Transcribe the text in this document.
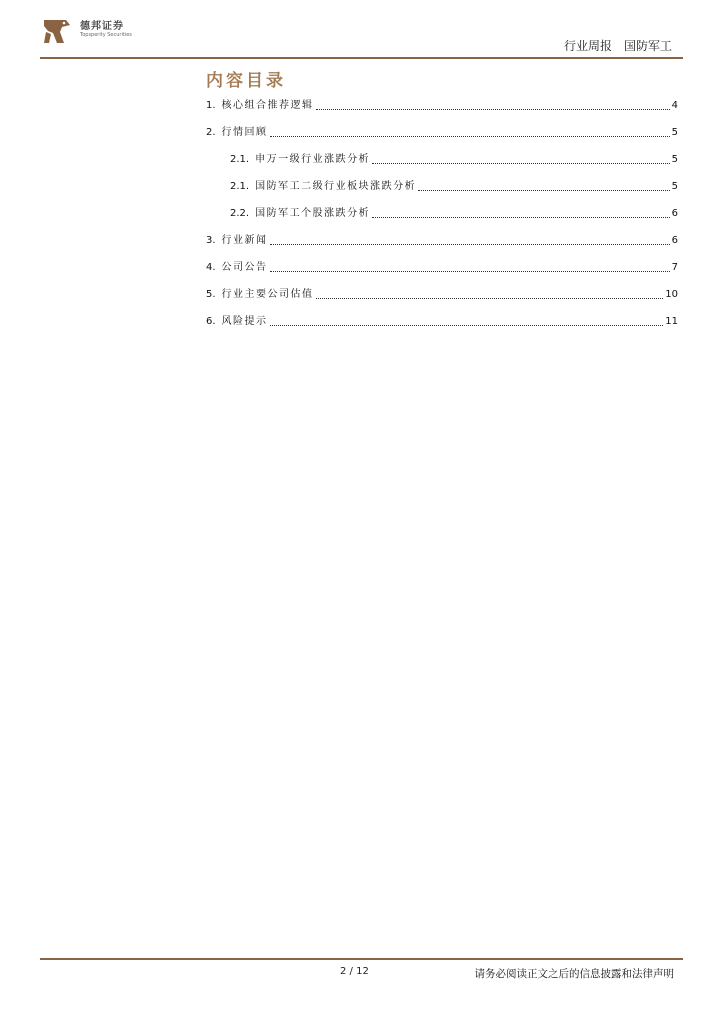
德邦证券
Topsperity Securities
行业周报 国防军工
内容目录
1. 核心组合推荐逻辑	4
2. 行情回顾	5
2.1. 申万一级行业涨跌分析	5
2.1. 国防军工二级行业板块涨跌分析	5
2.2. 国防军工个股涨跌分析	6
3. 行业新闻	6
4. 公司公告	7
5. 行业主要公司估值	10
6. 风险提示	11
2 / 12	请务必阅读正文之后的信息披露和法律声明
